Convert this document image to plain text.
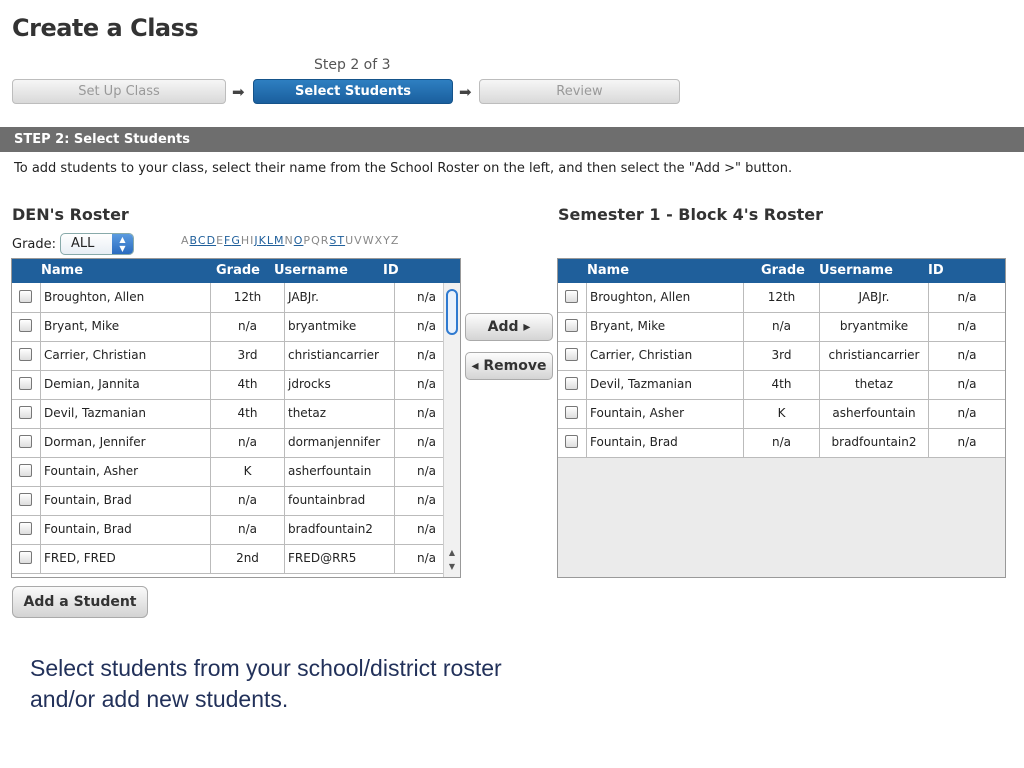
Create a Class
Step 2 of 3
Set Up Class	➡	Select Students	➡	Review
STEP 2: Select Students
To add students to your class, select their name from the School Roster on the left, and then select the "Add >" button.
DEN's Roster
Grade:	ALL	▲
▼
ABCDEFGHIJKLMNOPQRSTUVWXYZ
Name	Grade Username	ID
Broughton, Allen	12th	JABJr.	n/a
Bryant, Mike	n/a	bryantmike	n/a
Carrier, Christian	3rd	christiancarrier	n/a
Demian, Jannita	4th	jdrocks	n/a
Devil, Tazmanian	4th	thetaz	n/a
Dorman, Jennifer	n/a	dormanjennifer	n/a
Fountain, Asher	K	asherfountain	n/a
Fountain, Brad	n/a	fountainbrad	n/a
Fountain, Brad	n/a	bradfountain2	n/a
FRED, FRED	2nd	FRED@RR5	n/a	▲
▼
Add ▸
◂ Remove
Semester 1 - Block 4's Roster
Name	Grade Username	ID
Broughton, Allen	12th	JABJr.	n/a
Bryant, Mike	n/a	bryantmike	n/a
Carrier, Christian	3rd	christiancarrier	n/a
Devil, Tazmanian	4th	thetaz	n/a
Fountain, Asher	K	asherfountain	n/a
Fountain, Brad	n/a	bradfountain2	n/a
Add a Student
Select students from your school/district roster and/or add new students.
